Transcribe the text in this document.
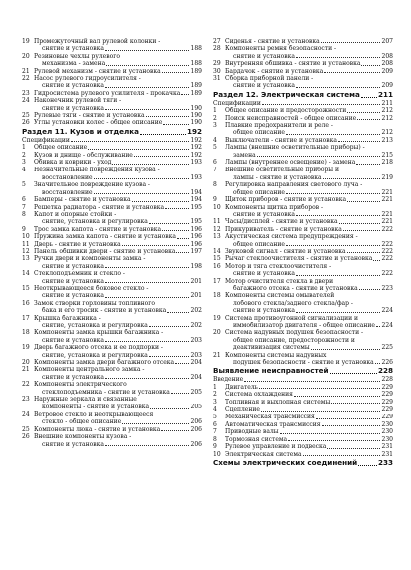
19 Промежуточный вал рулевой колонки -
снятие и установка	188
20 Резиновые чехлы рулевого
механизма - замена	188
21 Рулевой механизм - снятие и установка	189
22 Насос рулевого гидроусилителя -
снятие и установка	189
23 Гидросистема рулевого усилителя - прокачка 189
24 Наконечник рулевой тяги -
снятие и установка	190
25 Рулевые тяги - снятие и установка	190
26 Углы установки колес - общее описание	190
Раздел 11. Кузов и отделка	192
Спецификации	192
1	Общее описание	192
2	Кузов и днище - обслуживание	192
3	Обивка и коврики - уход	193
4	Незначительные повреждения кузова -
восстановление	193
5	Значительное повреждение кузова -
восстановление	194
6	Бамперы - снятие и установка	194
7	Решетка радиатора - снятие и установка	195
8	Капот и опорные стойки -
снятие, установка и регулировка	195
9	Трос замка капота - снятие и установка	196
10 Пружина замка капота - снятие и установка 196
11 Дверь - снятие и установка	196
12 Панель обшивки двери - снятие и установка	197
13 Ручки двери и компоненты замка -
снятие и установка	198
14 Стеклоподъемник и стекло -
снятие и установка	201
15 Неоткрывающееся боковое стекло -
снятие и установка	201
16 Замок створки горловины топливного
бака и его тросик - снятие и установка	202
17 Крышка багажника -
снятие, установка и регулировка	202
18 Компоненты замка крышки багажника -
снятие и установка	203
19 Дверь багажного отсека и ее подпорки -
снятие, установка и регулировка	203
20 Компоненты замка двери багажного отсека	204
21 Компоненты центрального замка -
снятие и установка	204
22 Компоненты электрического
стеклоподъемника - снятие и установка	205
23 Наружные зеркала и связанные
компоненты - снятие и установка	205
24 Ветровое стекло и неоткрывающееся
стекло - общее описание	206
25 Компоненты люка - снятие и установка	206
26 Внешние компоненты кузова -
снятие и установка	206
27 Сиденья - снятие и установка	207
28 Компоненты ремня безопасности -
снятие и установка	208
29 Внутренняя обшивка - снятие и установка	208
30 Бардачок - снятие и установка	209
31 Сборка приборной панели -
снятие и установка	209
Раздел 12. Электрическая система	211
Спецификации	211
1	Общее описание и предосторожности	212
2	Поиск неисправностей - общее описание	212
3	Плавкие предохранители и реле -
общее описание	212
4	Выключатели - снятие и установка	213
5	Лампы (внешние осветительные приборы) -
замена	215
6	Лампы (внутреннее освещение) - замена	218
7	Внешние осветительные приборы и
лампы - снятие и установка	219
8	Регулировка направления светового луча -
общее описание	221
9	Щиток приборов - снятие и установка	221
10 Компоненты щитка приборов -
снятие и установка	221
11 Часы/дисплей - снятие и установка	221
12 Прикуриватель - снятие и установка	222
13 Акустическая система предупреждения -
общее описание	222
14 Звуковой сигнал - снятие и установка	222
15 Рычаг стеклоочистителя - снятие и установка 222
16 Мотор и тяга стеклоочистителя -
снятие и установка	222
17 Мотор очистителя стекла в двери
багажного отсека - снятие и установка	223
18 Компоненты системы омывателей
лобового стекла/заднего стекла/фар -
снятие и установка	224
19 Система противоугонной сигнализации и
иммобилизатор двигателя - общее описание 224
20 Система надувных подушек безопасности -
общее описание, предосторожности и
деактивизация системы	225
21 Компоненты системы надувных
подушек безопасности - снятие и установка 226
Выявление неисправностей	228
Введение	228
1	Двигатель	229
2	Система охлаждения	229
3	Топливная и выхлопная системы	229
4	Сцепление	229
5	Механическая трансмиссия	229
6	Автоматическая трансмиссия	230
7	Приводные валы	230
8	Тормозная система	230
9	Рулевое управление и подвеска	231
10 Электрическая система	231
Схемы электрических соединений	233
